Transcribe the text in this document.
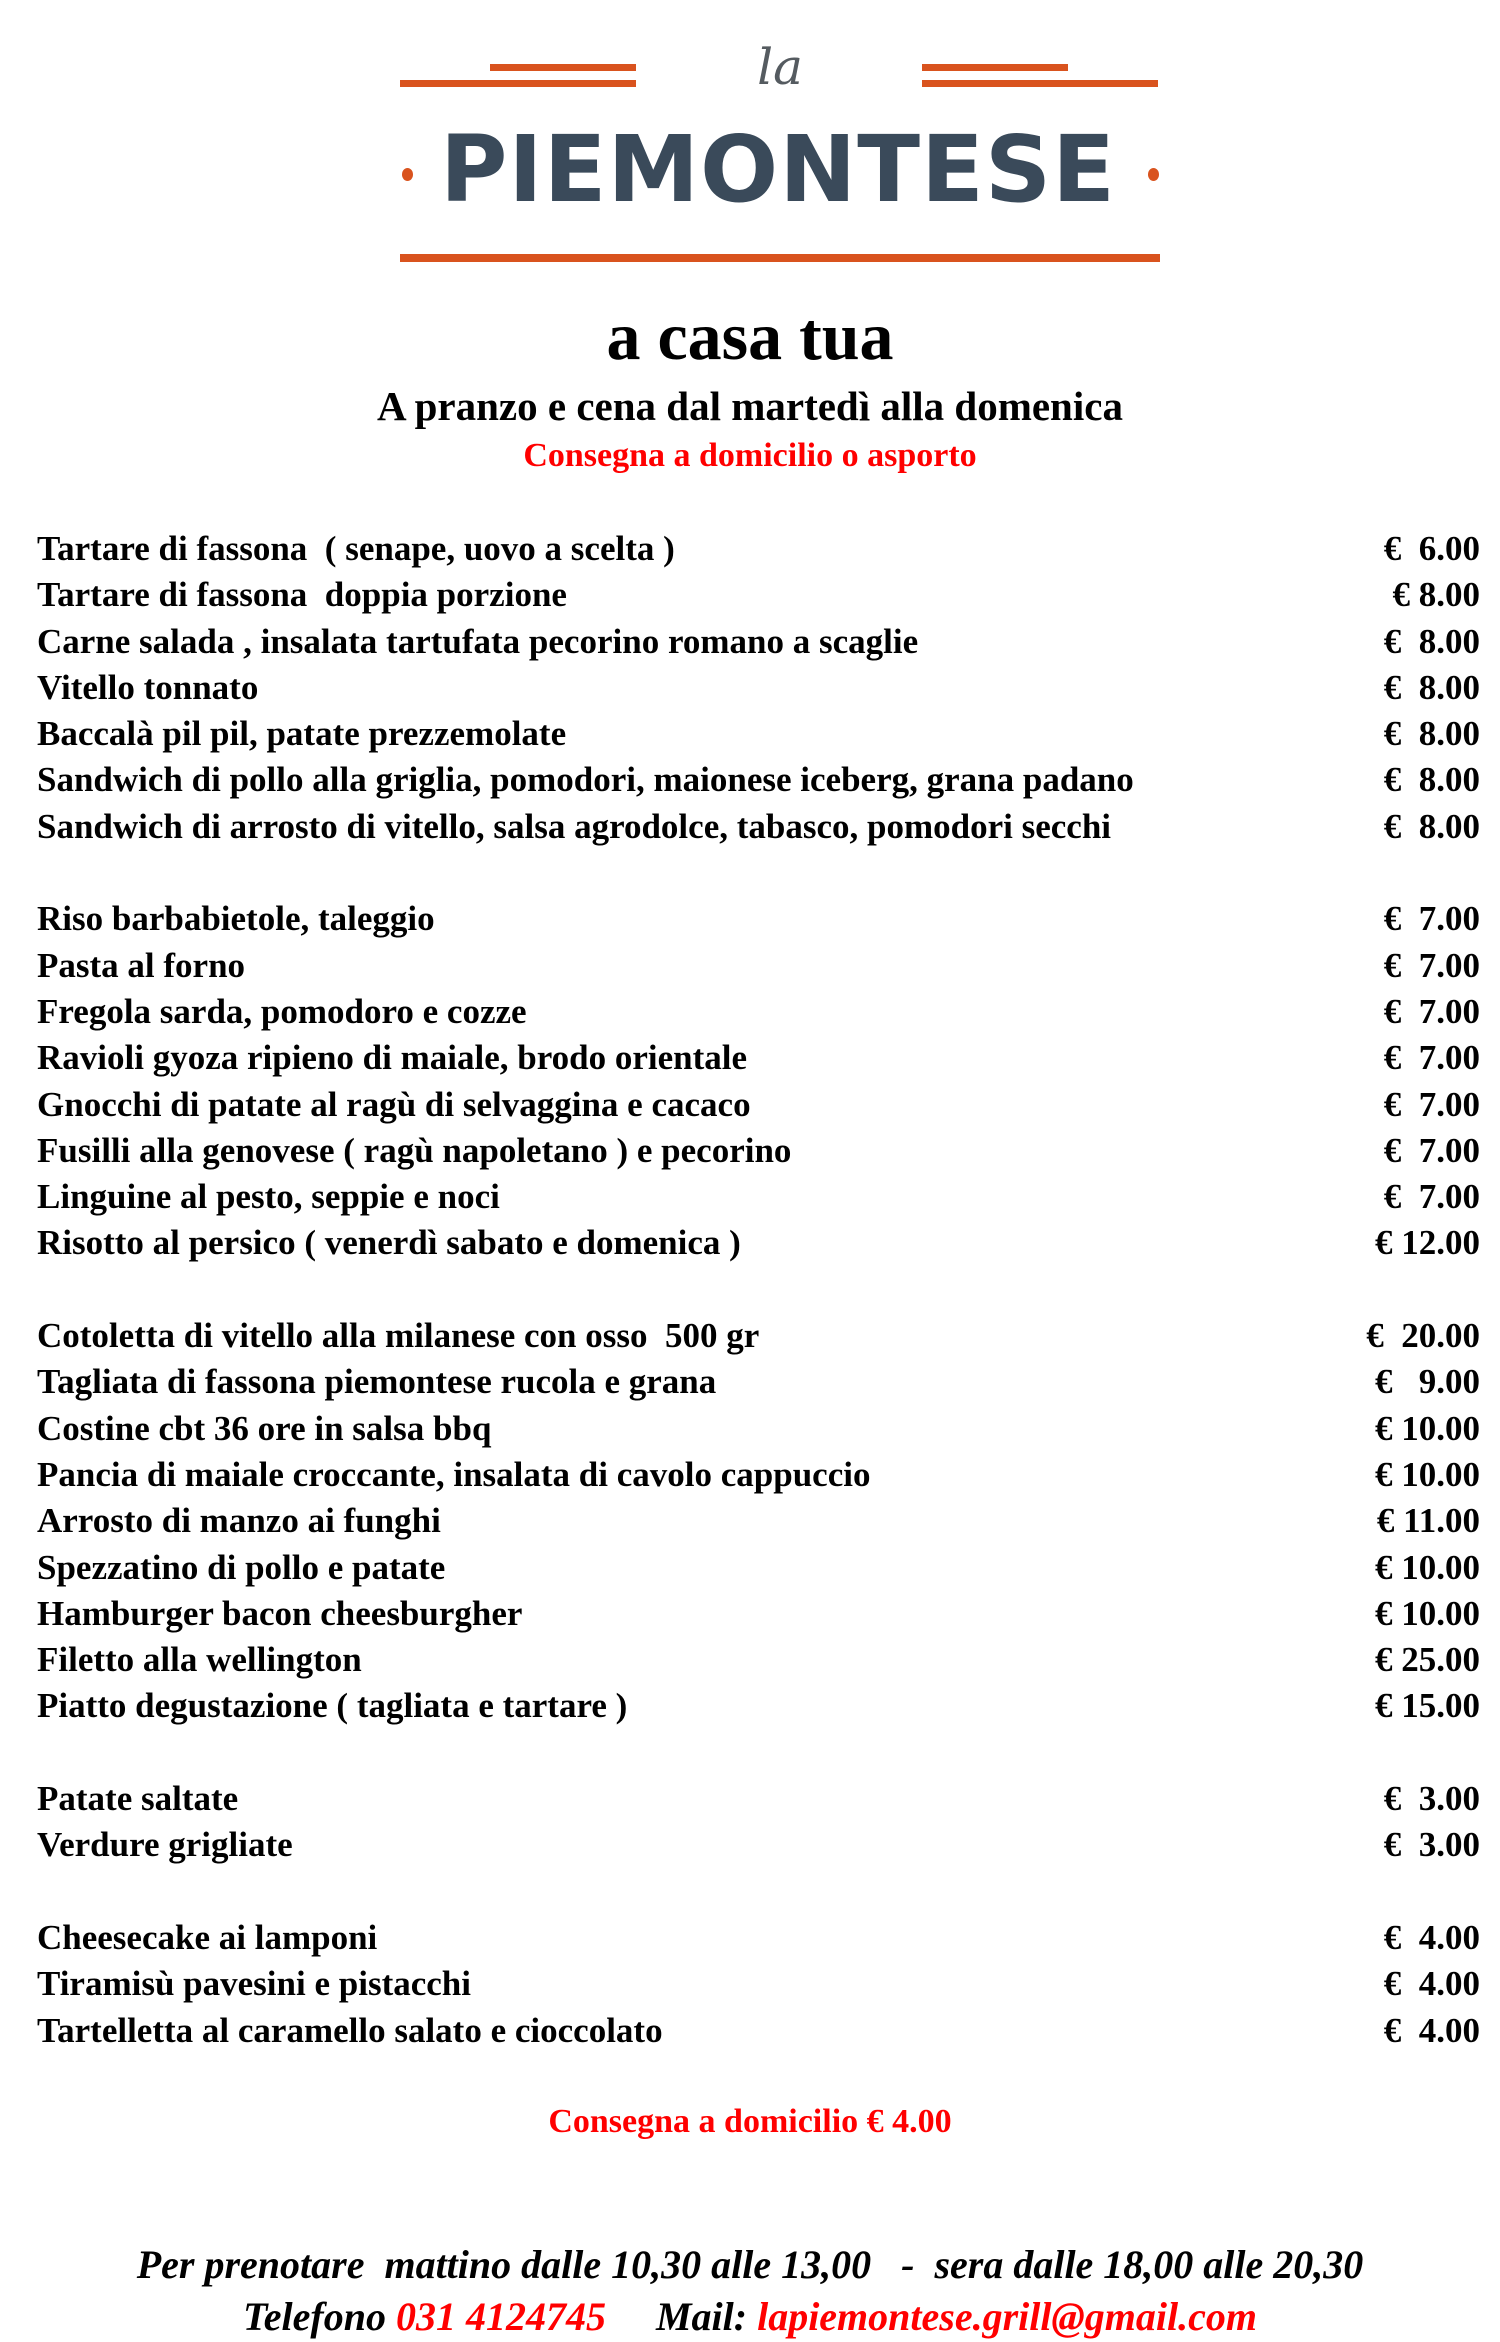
la
PIEMONTESE
a casa tua
A pranzo e cena dal martedì alla domenica
Consegna a domicilio o asporto
Tartare di fassona  ( senape, uovo a scelta )	€  6.00
Tartare di fassona  doppia porzione	€ 8.00
Carne salada , insalata tartufata pecorino romano a scaglie	€  8.00
Vitello tonnato	€  8.00
Baccalà pil pil, patate prezzemolate	€  8.00
Sandwich di pollo alla griglia, pomodori, maionese iceberg, grana padano	€  8.00
Sandwich di arrosto di vitello, salsa agrodolce, tabasco, pomodori secchi	€  8.00
Riso barbabietole, taleggio	€  7.00
Pasta al forno	€  7.00
Fregola sarda, pomodoro e cozze	€  7.00
Ravioli gyoza ripieno di maiale, brodo orientale	€  7.00
Gnocchi di patate al ragù di selvaggina e cacaco	€  7.00
Fusilli alla genovese ( ragù napoletano ) e pecorino	€  7.00
Linguine al pesto, seppie e noci	€  7.00
Risotto al persico ( venerdì sabato e domenica )	€ 12.00
Cotoletta di vitello alla milanese con osso  500 gr	€  20.00
Tagliata di fassona piemontese rucola e grana	€   9.00
Costine cbt 36 ore in salsa bbq	€ 10.00
Pancia di maiale croccante, insalata di cavolo cappuccio	€ 10.00
Arrosto di manzo ai funghi	€ 11.00
Spezzatino di pollo e patate	€ 10.00
Hamburger bacon cheesburgher	€ 10.00
Filetto alla wellington	€ 25.00
Piatto degustazione ( tagliata e tartare )	€ 15.00
Patate saltate	€  3.00
Verdure grigliate	€  3.00
Cheesecake ai lamponi	€  4.00
Tiramisù pavesini e pistacchi	€  4.00
Tartelletta al caramello salato e cioccolato	€  4.00
Consegna a domicilio € 4.00
Per prenotare  mattino dalle 10,30 alle 13,00   -  sera dalle 18,00 alle 20,30
Telefono 031 4124745     Mail: lapiemontese.grill@gmail.com
